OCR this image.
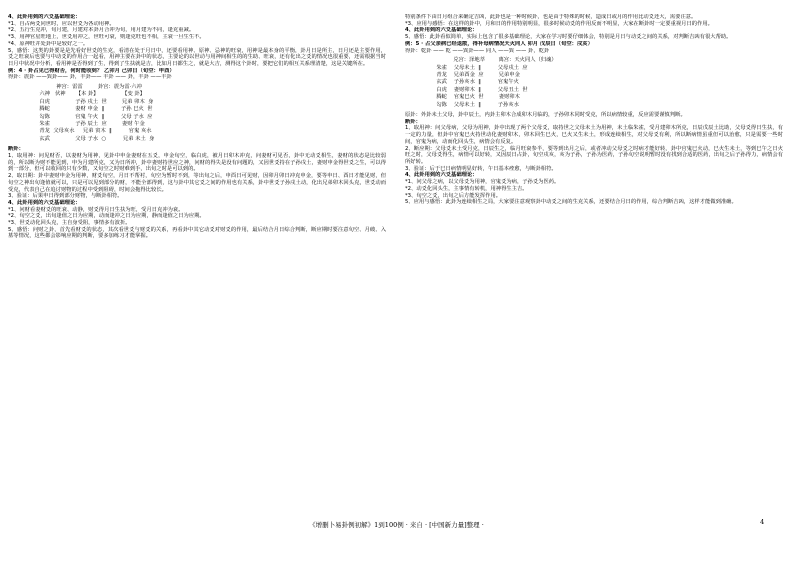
4、此卦用到的六爻基础理论：
*1、自占两爻同世时，应以世爻为各动用神。
*2、五行生克冲，旬月建，月建对本卦月合冲为旬，用月建为不同，逢克重减。
*3、用神官星旺地上，世爻用冲之，世旺可衰，则逢克旺也不相，主衰一旦生生不。
*4、原神旺并处卦中是较好之一。

5、感悟：这类的卦要是是先看好世爻的生克，看清在处于月日中，还要看用神、原神、忌神的旺衰，用神是最本身的平衡，卦月日是所主，日月还是主要作用，爻之旺衰后也要与中动爻的作用合一起看，用神主要在卦中的状态，主要论的以世动与用神间相生的的生助、旺衰，还有化出之爻的情况也很重要，还需根据当时日月中状况中分析，看用神是否得到了生，得到了生扶就是吉，比如月日都生之，就是大吉，测得这个卦时，要把它们的相互关系理清楚，这是关键所在。

例：4 · 卦占见已得财否，何时能收到？ 乙卯月 己卯日（旬空：申酉）
得卦：震卦 ——巽卦—— 卦，丰卦—— 丰卦 —— 卦，丰卦 ——丰卦
神宫：雷雷         卦宫：震为雷·六冲
六神   伏神      【本 卦】              【变 卦】
白虎               子孙 戌土  世         兄弟 卯木  身
腾蛇               妻财 申金  ‖          子孙 巳火  世
勾陈               官鬼 午火  ‖          父母 子水  应
朱雀               子孙 辰土  应         妻财 午金
青龙  父母亥水     兄弟 寅木  ‖          官鬼 亥水
玄武               父母 子水  ○          兄弟 未土  身
断卦：

1、取用神：问见财否，以妻财为用神，见卦中申金妻财在五爻，申金旬空，临白虎，被月日卯木冲克，问妻财可见否，卦中无动爻相生，妻财的状态是比较弱的，所以断为财不能见到，申为月建所克，又为日所冲，卦中妻财持世应之神，问财的得失是没有问题的，又因世爻持在子孙戌土，妻财申金得世爻之生，可以得到一部分，但可以收回的只有少数，又旬空之时财难到手，出旬之时是可以到的。

2、取日期：卦中妻财申金为用神，财爻旬空，月日不帮衬，旬空为暂时不到，等出旬之后，申酉日可见财，因卯月卯日冲克申金，要等申日、酉日才能见财，但旬空之神出旬逢值就可以，只是可以见到部分的财，不能全部得到，这与卦中其它爻之间的作用也有关系，卦中世爻子孙戌土动，化出兄弟卯木回头克，世爻动而受克，代表自己在追讨财物的过程中受到阻碍，时间会拖得比较长。

3、验证：后果申日得到部分财物，与断卦相符。

4、此卦用到的六爻基础理论：

*1、问财看妻财爻的旺衰、动静，财爻得月日生扶为旺，受月日克冲为衰。

*2、旬空之爻，出旬逢值之日为应期，动而逢冲之日为应期，静而逢值之日为应期。

*3、世爻动化回头克，主自身受阻，事情多有波折。

5、感悟：问财之卦，首先看财爻的状态，其次看世爻与财爻的关系，再看卦中其它动爻对财爻的作用，最后结合月日综合判断，断应期时要注意旬空、月破、入墓等情况，这些都会影响应期的判断，要多加练习才能掌握。

特别条件下由日月组合来确定吉凶，此卦也是一种时候卦，也是由于特殊的时候，造成日或月的作用比动爻还大，需要注意。

*3、应用与感悟：在这样的卦中，月和日的作用特别明显，很多时候动爻的作用反而不明显，大家在断卦时一定要重视月日的作用。

4、此卦用到的六爻基础理论：

5、感悟：此卦看似简单，实际上包含了很多基础理论，大家在学习时要仔细体会，特别是月日与动爻之间的关系，对判断吉凶有很大帮助。

例：5 · 占父亲病已经退散，得补母病情况天火同人 卯月 戊辰日（旬空：戌亥）
得卦：乾卦 —— 乾 ——巽卦—— 同人 ——巽 —— 卦，乾卦
兑宫：泽地萃        离宫：天火同人（归魂）
朱雀    父母未土  ‖          父母戌土  应
青龙    兄弟酉金  应         兄弟申金
玄武    子孙亥水  ‖          官鬼午火
白虎    妻财卯木  ‖          父母丑土  世
腾蛇    官鬼巳火  世         妻财卯木
勾陈    父母未土  ‖          子孙亥水

原卦：外卦未土父母，卦中辰土，内卦主卯木合成卯木月临的，子孙卯木同时受克，所以病情较重，反应需要谨慎判断。

断卦：

1、取用神：问父母病，父母为用神，卦中出现了两个父母爻，取持世之父母未土为用神，未土临朱雀，受月建卯木所克，日辰戊辰土比助，父母爻得日生扶，有一定的力量，但卦中官鬼巳火持世动化妻财卯木，卯木回生巳火，巳火又生未土，形成连续相生，对父母爻有利，所以断病情虽重但可以治愈，只是需要一些时间，官鬼为病，动而化回头生，病情会有反复。

2、断应期：父母爻未土受月克，日辰生之，临月旺衰参半，要等到出月之后，或者冲动父母爻之时病才能好转，卦中官鬼巳火动，巳火生未土，等到巳午之日火旺之时，父母爻得生，病情可以好转，又因辰日占卦，旬空戌亥，亥为子孙，子孙为医药，子孙旬空说明暂时没有找到合适的医药，出旬之后子孙得力，病情会有所好转。

3、验证：后于巳日病情明显好转，午日基本痊愈，与断卦相符。

4、此卦用到的六爻基础理论：

*1、问父母之病，以父母爻为用神，官鬼爻为病，子孙爻为医药。

*2、动爻化回头生，主事情有转机，用神得生主吉。

*3、旬空之爻，出旬之后方能发挥作用。

5、应用与感悟：此卦为连续相生之局，大家要注意观察卦中动爻之间的生克关系，还要结合月日的作用，综合判断吉凶，这样才能做到准确。

《增删卜易卦例初解》1到100例 · 来自 · [中国新力量]整理 ·	4
